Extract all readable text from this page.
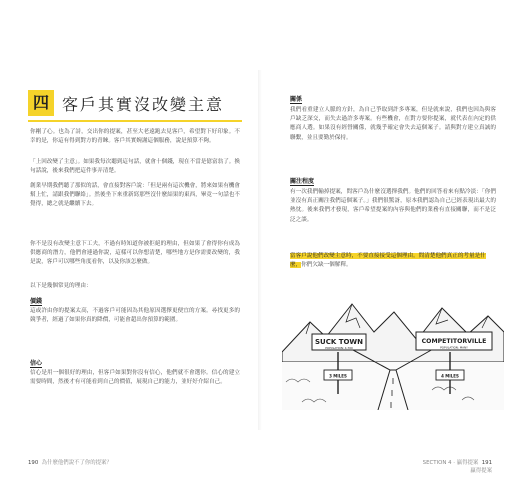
四 客戶其實沒改變主意
你剛了心。也為了詩，交出你的提案，甚至大老遠跑去見客戶，希望對下好印象。不幸的是，你這有得到對方的青睞。客戶其實婉謝這個服務，說是預算不夠。
「上回改變了主意」。如果我每次聽到這句話，就會十個錢，現在不當是億富翁了。換句話說，後來我們把這件事弄清楚。
創業早期我們聽了那似的話，會直接對客戶說：「但是兩有這次機會，將來如果有機會幫上忙，請跟我們聯絡」。然後坐下來重新寫那些沒什麼結果的東西，畢竟一句話也不覺得，總之就是繼續下去。
你不是沒有改變主意下工夫，不過有時知道你被拒絕的理由，但如果了會得你有成為供應商的潛力，他們會連過你說，這樣可以你想清楚，哪些地方是你需要改變的，我是說，客戶可以哪些角度看你，以及你該怎麼做。
以下是幾個常見的理由：
價錢
這或許由你的提案太高，不過客戶可能因為其他原因選擇更便宜的方案。尋找更多的競爭者，經過了如果你真的降價，可能會超出你預算的範圍。
信心
信心是用一個很好的理由，但客戶如果對你沒有信心，他們就不會選你。信心的建立需要時間，然後才有可能看到自己的價值，展現自己的能力，並好好介紹自己。
190 為什麼他們說不了你的提案？
關係
我們看重建立人脈的方針，為自己爭取到許多專案，但是就來說，我們也因為與客戶缺乏深交，而失去過許多專案。有些機會，在對方要你提案，就代表在內定的供應商人選。如果沒有經營關係，就幾乎確定會失去這個案子。請與對方建立真誠的聯繫，並且要勤於保持。
關注程度
有一次我們輸掉提案，問客戶為什麼沒選擇我們。他們的回答看來有點冷淡：「你們並沒有真正關注我們這個案子。」我們很驚訝，原本我們認為自己已經表現出最大的熱忱。後來我們才發現，客戶希望提案的內容與他們的業務有直接關聯，而不是泛泛之談。
當客戶說他們改變主意時，不要直接接受這個理由。問清楚他們真正的考量是什麼，你們欠缺一個解釋。
SUCK TOWN
POPULATION: 4,700
3 MILES
COMPETITORVILLE
POPULATION: MANY
4 MILES
SECTION 4 · 贏得提案 191
贏得提案
